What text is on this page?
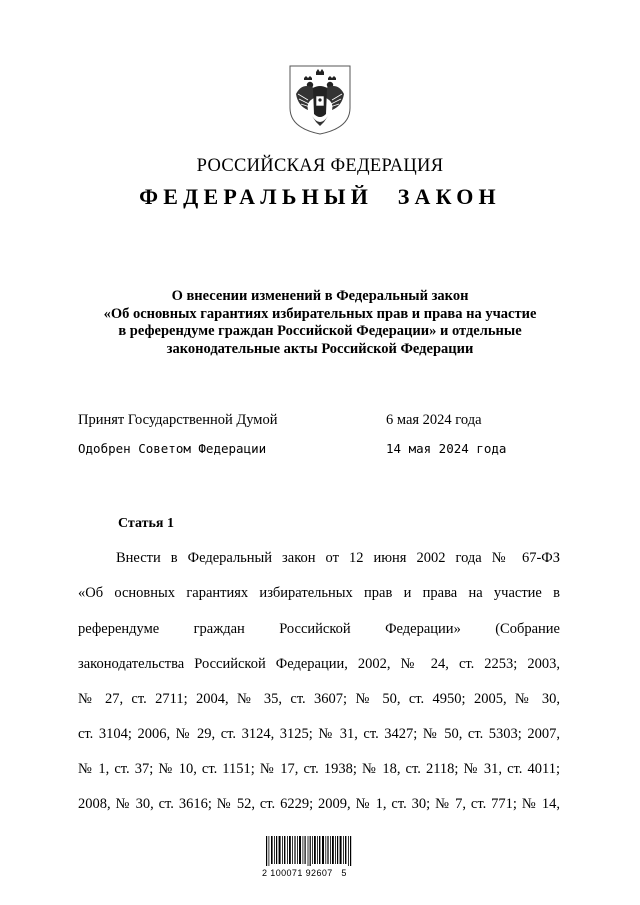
РОССИЙСКАЯ ФЕДЕРАЦИЯ
ФЕДЕРАЛЬНЫЙ ЗАКОН
О внесении изменений в Федеральный закон
«Об основных гарантиях избирательных прав и права на участие
в референдуме граждан Российской Федерации» и отдельные
законодательные акты Российской Федерации
Принят Государственной Думой	6 мая 2024 года
Одобрен Советом Федерации	14 мая 2024 года
Статья 1
Внести в Федеральный закон от 12 июня 2002 года № 67-ФЗ
«Об основных гарантиях избирательных прав и права на участие в
референдуме граждан Российской Федерации» (Собрание
законодательства Российской Федерации, 2002, № 24, ст. 2253; 2003,
№ 27, ст. 2711; 2004, № 35, ст. 3607; № 50, ст. 4950; 2005, № 30,
ст. 3104; 2006, № 29, ст. 3124, 3125; № 31, ст. 3427; № 50, ст. 5303; 2007,
№ 1, ст. 37; № 10, ст. 1151; № 17, ст. 1938; № 18, ст. 2118; № 31, ст. 4011;
2008, № 30, ст. 3616; № 52, ст. 6229; 2009, № 1, ст. 30; № 7, ст. 771; № 14,
2 100071 92607   5
